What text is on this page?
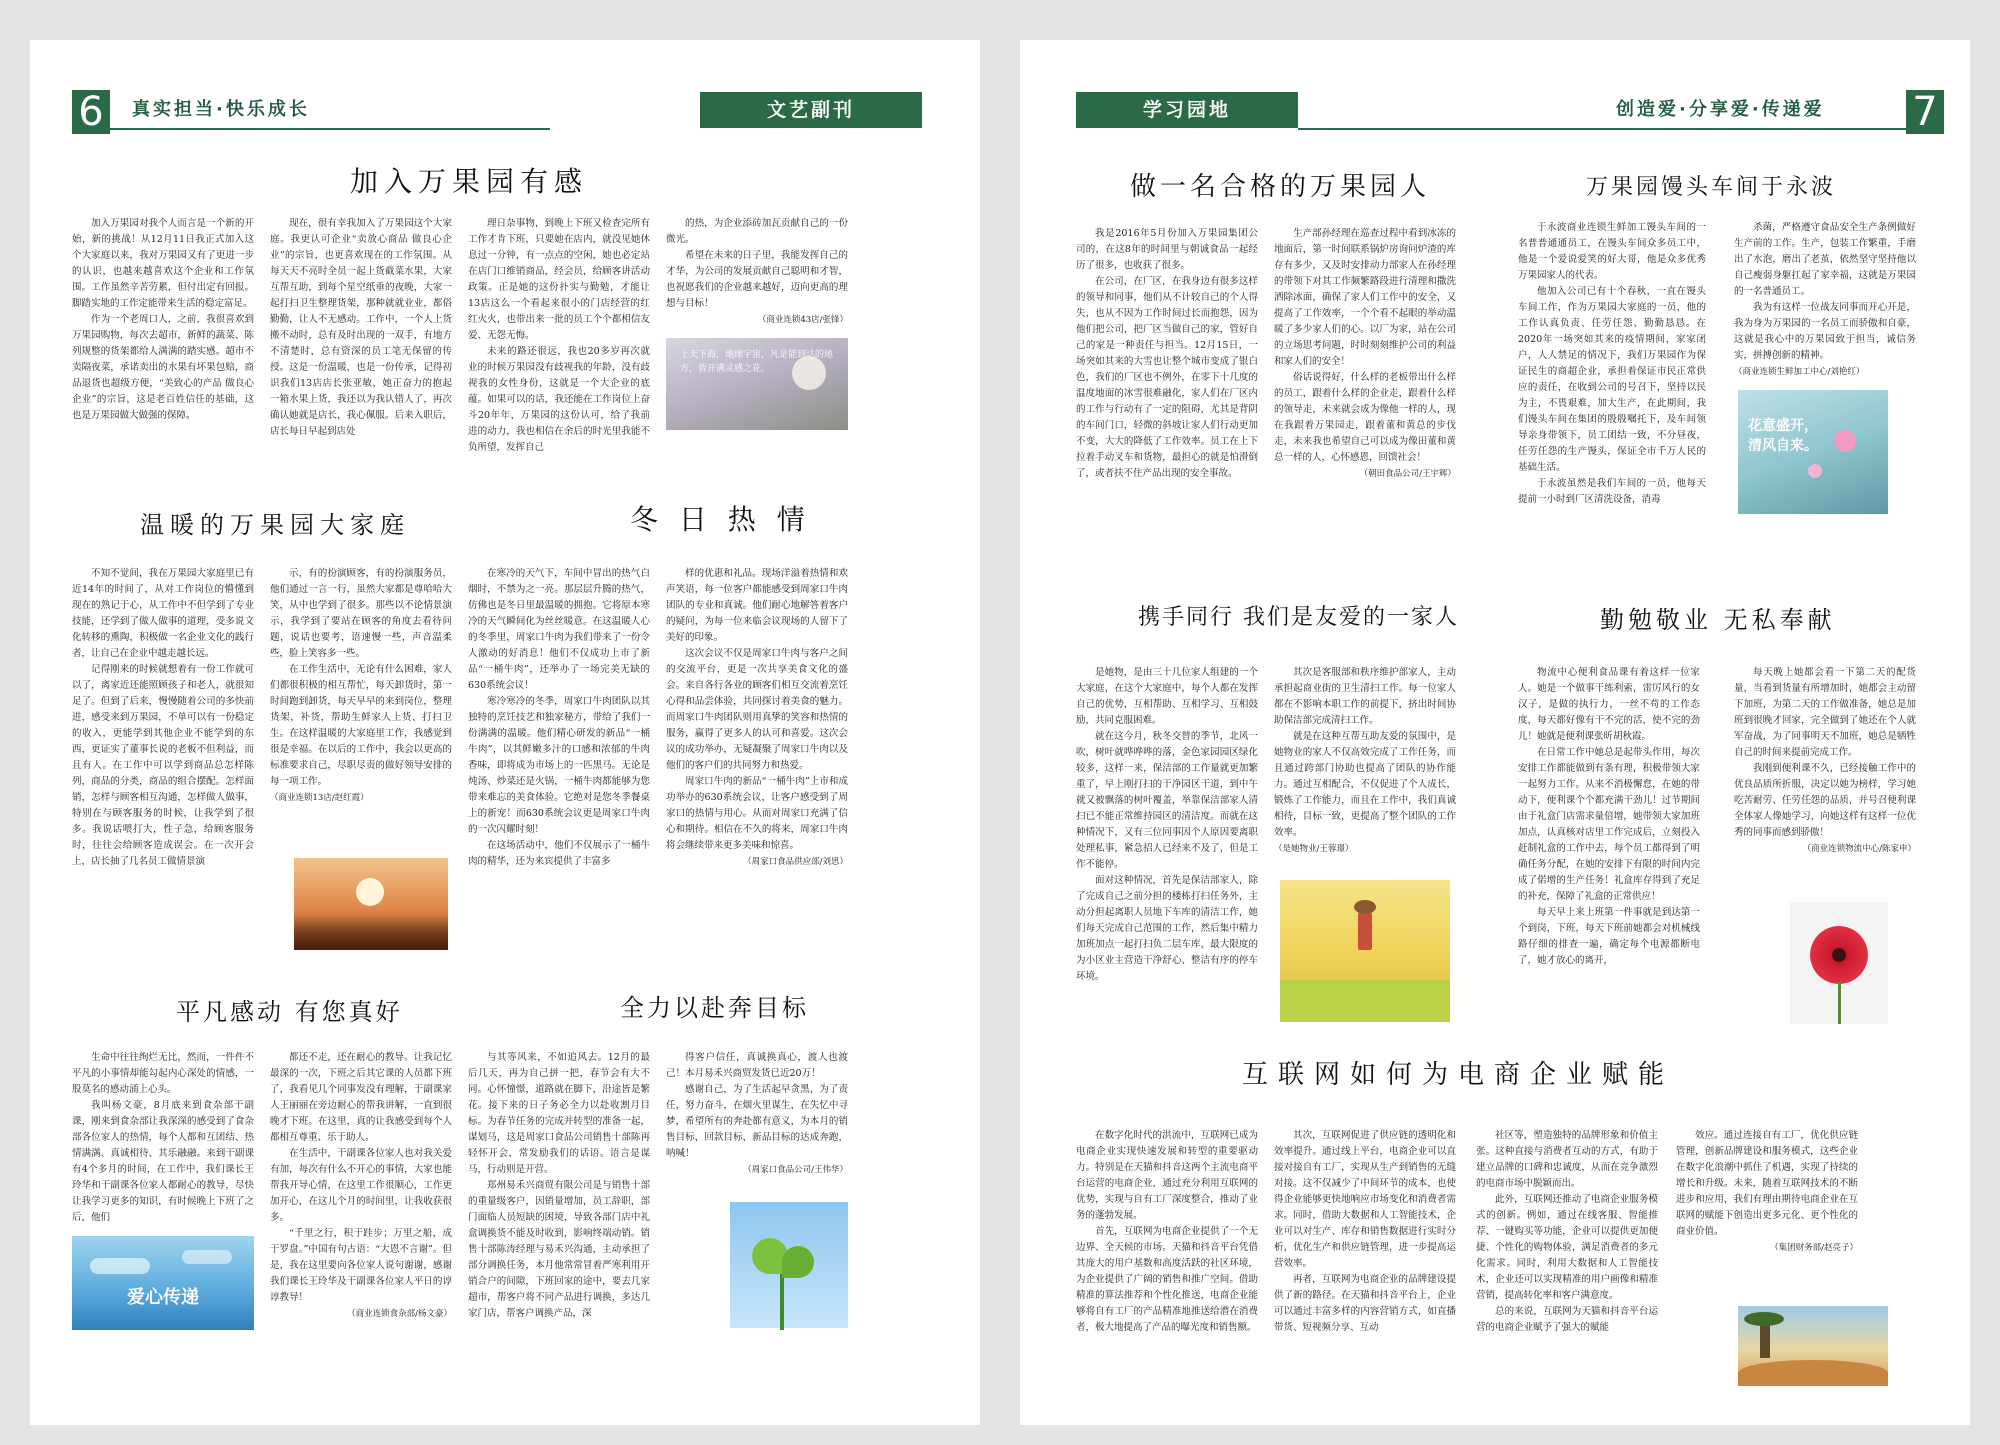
6	真实担当·快乐成长	文艺副刊
加入万果园有感

加入万果园对我个人而言是一个新的开始，新的挑战！从12月11日我正式加入这个大家庭以来，我对万果园又有了更进一步的认识，也越来越喜欢这个企业和工作氛围。工作虽然辛苦劳累，但付出定有回报。脚踏实地的工作定能带来生活的稳定富足。

作为一个老周口人，之前，我很喜欢到万果园购物，每次去超市，新鲜的蔬菜、陈列规整的货架都给人满满的踏实感。超市不卖隔夜菜，承诺卖出的水果有坏果包赔，商品退货也超级方便，“美致心的产品 做良心企业”的宗旨，这是老百姓信任的基础，这也是万果园做大做强的保障。

现在，很有幸我加入了万果园这个大家庭。我更认可企业“卖放心商品 做良心企业”的宗旨，也更喜欢现在的工作氛围。从每天天不亮时全员一起上货截菜水果，大家互帮互助，到每个星空纸垂的夜晚，大家一起打扫卫生整理货架，那种就就业业，都俗勤勤，让人不无感动。工作中，一个人上货搬不动时，总有及时出现的一双手，有地方不清楚时，总有资深的员工笔无保留的传授。这是一份温暖，也是一份传承，记得初识我们13店店长张亚敏，她正奋力的抱起一箱水果上货，我还以为我认错人了，再次确认她就是店长，我心佩服。后来入职后，店长每日早起到店处

理日杂事物，到晚上下班又检查完所有工作才肯下班，只要她在店内，就没见她休息过一分钟，有一点点的空闲，她也必定站在店门口维销商品，经会员，给顾客讲活动政策。正是她的这份扑实与勤勉，才能让13店这么一个看起来很小的门店经营的红红火火，也带出来一批的员工个个都相信友爱、无怨无悔。

未来的路还很远，我也20多岁再次就业的时候万果园没有歧视我的年龄，没有歧视我的女性身份，这就是一个大企业的底蕴。如果可以的话，我还能在工作岗位上奋斗20年年，万果园的这份认可，给了我前进的动力，我也相信在余后的时光里我能不负所望，发挥自己

的热，为企业添砖加瓦贡献自己的一份微光。

希望在未来的日子里，我能发挥自己的才华，为公司的发展贡献自己聪明和才智，也祝愿我们的企业越来越好，迈向更高的理想与目标！

（商业连锁43店/张锋）
上天下海，地球宇宙，凡是能到达的地方，皆开满灵感之花。
温暖的万果园大家庭

不知不觉间，我在万果园大家庭里已有近14年的时间了，从对工作岗位的懵懂到现在的熟记于心，从工作中不但学到了专业技能，还学到了做人做事的道理，受多说文化转移的熏陶，积极做一名企业文化的践行者，让自己在企业中越走越长远。

记得刚来的时候就想着有一份工作就可以了，离家近还能照顾孩子和老人，就很知足了。但到了后来，慢慢随着公司的多快前进，感受来到万果园，不单可以有一份稳定的收入，更能学到其他企业不能学到的东西，更证实了董事长说的老板不但利益，而且有人。在工作中可以学到商品总怎样陈列，商品的分类，商品的组合摆配。怎样面销，怎样与顾客相互沟通，怎样做人做事，特别在与顾客服务的时候，让我学到了很多。我说话喂打大，性子急，给顾客服务时，往往会给顾客造成误会。在一次开会上，店长抽了几名员工做情景演

示，有的扮演顾客，有的扮演服务员，他们通过一言一行，虽然大家都是尊哈哈大笑，从中也学到了很多。那些以不论情景演示，我学到了要站在顾客的角度去看待问题，说话也要考，语速慢一些，声音温柔些，脸上笑容多一些。

在工作生活中，无论有什么困难，家人们都很积极的相互帮忙，每天卸货时，第一时间跑到卸货，每天早早的来到岗位，整理货架，补货，帮助生鲜家人上货、打扫卫生。在这样温暖的大家庭里工作，我感觉到很是幸福。在以后的工作中，我会以更高的标准要求自己，尽职尽责的做好领导安排的每一项工作。

（商业连锁13店/赵红霞）
冬 日 热 情

在寒冷的天气下，车间中冒出的热气白烟时，不禁为之一亮。那层层升腾的热气，仿佛也是冬日里最温暖的拥抱。它将原本寒冷的天气瞬间化为丝丝暖意。在这温暖人心的冬季里，周家口牛肉为我们带来了一份令人激动的好消息！他们不仅成功上市了新品“一桶牛肉”，还举办了一场完美无缺的630系统会议！

寒冷寒冷的冬季，周家口牛肉团队以其独特的烹饪技艺和独家秘方，带给了我们一份满满的温暖。他们精心研发的新品“一桶牛肉”，以其鲜嫩多汁的口感和浓郁的牛肉香味，即将成为市场上的一匹黑马。无论是炖汤、炒菜还是火锅，一桶牛肉都能够为您带来难忘的美食体验。它绝对是您冬季餐桌上的新宠！而630系统会议更是周家口牛肉的一次闪耀时刻！

在这场活动中，他们不仅展示了一桶牛肉的精华，还为来宾提供了丰富多

样的优惠和礼品。现场洋溢着热情和欢声笑语，每一位客户都能感受到周家口牛肉团队的专业和真诚。他们耐心地解答着客户的疑问，为每一位来临会议现场的人留下了美好的印象。

这次会议不仅是周家口牛肉与客户之间的交流平台，更是一次共享美食文化的盛会。来自各行各业的顾客们相互交流着烹饪心得和品尝体验，共同探讨着美食的魅力。而周家口牛肉团队则用真挚的笑容和热情的服务，赢得了更多人的认可和喜爱。这次会议的成功举办，无疑凝聚了周家口牛肉以及他们的客户们的共同努力和热爱。

周家口牛肉的新品“一桶牛肉”上市和成功举办的630系统会议，让客户感受到了周家口的热情与用心。从而对周家口充满了信心和期待。相信在不久的将来，周家口牛肉将会继续带来更多美味和惊喜。

（周家口食品供应部/刘思）
平凡感动 有您真好

生命中往往绚烂无比，然而，一件件不平凡的小事情却能勾起内心深处的情感，一股莫名的感动涌上心头。

我叫杨文豪，8月底来到食杂部干副课，刚来到食杂部让我深深的感受到了食杂部各位家人的热情，每个人都和互团结、热情满满、真诚相待、其乐融融。来到干副课有4个多月的时间，在工作中，我们课长王玲华和干副课各位家人都耐心的教导，尽快让我学习更多的知识，有时候晚上下班了之后，他们

爱心传递

都还不走，还在耐心的教导。让我记忆最深的一次，下班之后其它课的人员都下班了，我看见几个同事发没有理解，于副课家人王丽丽在旁边耐心的帮我讲解，一直到很晚才下班。在这里，真的让我感受到每个人都相互尊重、乐于助人。

在生活中，干副课各位家人也对我关爱有加，每次有什么不开心的事情，大家也能帮我开导心情，在这里工作很顺心，工作更加开心，在这儿个月的时间里，让我收获很多。

“千里之行，积于跬步；万里之船，成于罗盘。”中国有句古语：“大恩不言谢”。但是，我在这里要向各位家人说句谢谢，感谢我们课长王玲华及干副课各位家人平日的谆谆教导！

（商业连锁食杂部/杨文豪）
全力以赴奔目标

与其等风来，不如追风去。12月的最后几天，再为自己拼一把，春节会有大不同。心怀憧憬，道路就在脚下，沿途皆是繁花。接下来的日子务必全力以赴收割月目标。为春节任务的完成并转型的准备一起，谋划马，这是周家口食品公司销售十部陈再轻怀开会，常发励我们的话语。语言是谋马，行动则是开营。

郑州易禾兴商贸有限公司是与销售十部的重量级客户，因销量增加，员工辞职，部门面临人员短缺的困境，导致各部门店中礼盒调换货不能及时收到，影响终端动销。销售十部陈涛经理与易禾兴沟通，主动承担了部分调换任务，本月他常常冒着严寒利用开销合户的间隙，下班回家的途中，要去几家超市，帮客户将不同产品进行调换，多达几家门店，帮客户调换产品，深

得客户信任，真诚换真心，渡人也渡己！本月易禾兴商贸发货已近20万！

感谢自己，为了生活起早贪黑，为了责任，努力奋斗，在烟火里谋生，在失忆中寻梦，希望所有的奔赴都有意义，为本月的销售目标，回款目标，新品目标的达成奔跑，呐喊！

（周家口食品公司/王伟华）
学习园地	创造爱·分享爱·传递爱 7
做一名合格的万果园人

我是2016年5月份加入万果园集团公司的，在这8年的时间里与朝诚食品一起经历了很多，也收获了很多。

在公司，在厂区，在我身边有很多这样的领导和同事，他们从不计较自己的个人得失，也从不因为工作时间过长而抱怨，因为他们把公司，把厂区当做自己的家，管好自己的家是一种责任与担当。12月15日，一场突如其来的大雪也让整个城市变成了银白色，我们的厂区也不例外，在零下十几度的温度地面的冰雪很难融化，家人们在厂区内的工作与行动有了一定的阻碍，尤其是背阴的车间门口，轻微的斜坡让家人们行动更加不变，大大的降低了工作效率。员工在上下拉着手动叉车和货物，最担心的就是怕滑倒了，或者扶不住产品出现的安全事故。

生产部孙经理在巡查过程中看到冰冻的地面后，第一时间联系锅炉房询问炉渣的库存有多少，又及时安排动力部家人在孙经理的带领下对其工作频繁路段进行清理和撒洗洒除冰面，确保了家人们工作中的安全，又提高了工作效率，一个个看不起眼的举动温暖了多少家人们的心。以厂为家，站在公司的立场思考问题，时时刻刻维护公司的利益和家人们的安全！

俗话说得好，什么样的老板带出什么样的员工，跟着什么样的企业走，跟着什么样的领导走，未来就会成为像他一样的人，现在我跟着万果园走，跟着董和黄总的步伐走，未来我也希望自己可以成为像田董和黄总一样的人，心怀感恩，回馈社会！

（朝田食品公司/王宇辉）
万果园馒头车间于永波

于永波商业连锁生鲜加工馒头车间的一名普普通通员工，在馒头车间众多员工中，他是一个爱说爱笑的好大哥，他是众多优秀万果园家人的代表。

他加入公司已有十个春秋，一直在馒头车间工作，作为万果园大家庭的一员，他的工作认真负责、任劳任怨、勤勤恳恳。在2020年一场突如其来的疫情期间，家家闭户，人人禁足的情况下，我们万果园作为保证民生的商超企业，承担着保证市民正常供应的责任，在收到公司的号召下，坚持以民为主，不畏艰难，加大生产，在此期间，我们馒头车间在集团的殷殷嘱托下，及车间领导亲身带领下，员工团结一致，不分昼夜，任劳任怨的生产馒头，保证全市千万人民的基础生活。

于永波虽然是我们车间的一员，他每天提前一小时到厂区清洗设备，消毒

杀菌，严格遵守食品安全生产条例做好生产前的工作。生产，包装工作繁重，手磨出了水泡，磨出了老茧，依然坚守坚持他以自己瘦弱身躯扛起了家幸福，这就是万果园的一名普通员工。

我为有这样一位战友同事而开心开是，我为身为万果园的一名员工而骄傲和自豪，这就是我心中的万果园致于担当，诚信务实，拼搏创新的精神。

（商业连锁生鲜加工中心/刘艳红）
花意盛开，清风自来。
携手同行 我们是友爱的一家人

是她物，是由三十几位家人组建的一个大家庭，在这个大家庭中，每个人都在发挥自己的优势，互相帮助、互相学习、互相鼓励，共同克服困难。

就在这今月，秋冬交替的季节，北风一吹，树叶就哗哗哗的落，金色家园园区绿化较多，这样一来，保洁部的工作量就更加繁重了，早上刚打扫的干净园区干道，到中午就又被飘落的树叶覆盖，举靠保洁部家人清扫已不能正常维持园区的清洁度。而就在这种情况下，又有三位同事因个人原因要离职处理私事，紧急招人已经来不及了，但是工作不能停。

面对这种情况，首先是保洁部家人，除了完成自己之前分担的楼栋打扫任务外，主动分担起离职人员地下车库的清洁工作，她们每天完成自己范围的工作，然后集中精力加班加点一起打扫负二层车库，最大限度的为小区业主营造干净舒心、整洁有序的停车环境。

其次是客服部和秩序维护部家人，主动承担起商业街的卫生清扫工作。每一位家人都在不影响本职工作的前提下，挤出时间协助保洁部完成清扫工作。

就是在这种互帮互助友爱的氛围中，是她物业的家人不仅高效完成了工作任务，而且通过跨部门协助也提高了团队的协作能力。通过互相配合，不仅促进了个人成长，锻炼了工作能力，而且在工作中，我们真诚相待，目标一致，更提高了整个团队的工作效率。

（是她物业/王蓉璟）
勤勉敬业 无私奉献

物流中心便利食品课有着这样一位家人。她是一个做事干练利索，雷厉风行的女汉子，是做的执行力，一丝不苟的工作态度，每天都好像有干不完的活，使不完的劲儿！她就是便利课张昕胡秋霞。

在日常工作中她总是起带头作用，每次安排工作都能做到有条有理，积极带领大家一起努力工作。从来不消极懈怠，在她的带动下，便利课个个都充满干劲儿！过节期间由于礼盒门店需求量倍增，她带领大家加班加点，认真核对店里工作完成后，立刻投入赶制礼盒的工作中去，每个员工都得到了明确任务分配，在她的安排下有限的时间内完成了偌增的生产任务！礼盒库存得到了充足的补充，保障了礼盒的正常供应！

每天早上来上班第一件事就是到达第一个到岗，下班，每天下班前她都会对机械线路仔细的排查一遍，确定每个电源都断电了，她才放心的离开，

每天晚上她都会看一下第二天的配货量，当看到货量有所增加时，她都会主动留下加班，为第二天的工作做准备，她总是加班到很晚才回家，完全做到了她还在个人就军奋战，为了同事明天不加班，她总是牺牲自己的时间来提前完成工作。

我刚到便利课不久，已经接触工作中的优良品质所折服，决定以她为榜样，学习她吃苦耐劳、任劳任怨的品质，并号召便利课全体家人像她学习，向她这样有这样一位优秀的同事而感到骄傲！

（商业连锁物流中心/陈家申）
互联网如何为电商企业赋能

在数字化时代的洪流中，互联网已成为电商企业实现快速发展和转型的重要驱动力。特别是在天猫和抖音这两个主流电商平台运营的电商企业，通过充分利用互联网的优势，实现与自有工厂深度整合，推动了业务的蓬勃发展。

首先，互联网为电商企业提供了一个无边界、全天候的市场。天猫和抖音平台凭借其庞大的用户基数和高度活跃的社区环境，为企业提供了广阔的销售和推广空间。借助精准的算法推荐和个性化推送，电商企业能够将自有工厂的产品精准地推送给潜在消费者，极大地提高了产品的曝光度和销售额。

其次，互联网促进了供应链的透明化和效率提升。通过线上平台，电商企业可以直接对接自有工厂，实现从生产到销售的无缝对接。这不仅减少了中间环节的成本，也使得企业能够更快地响应市场变化和消费者需求。同时，借助大数据和人工智能技术，企业可以对生产、库存和销售数据进行实时分析，优化生产和供应链管理，进一步提高运营效率。

再者，互联网为电商企业的品牌建设提供了新的路径。在天猫和抖音平台上，企业可以通过丰富多样的内容营销方式，如直播带货、短视频分享、互动

社区等，塑造独特的品牌形象和价值主张。这种直接与消费者互动的方式，有助于建立品牌的口碑和忠诚度，从而在竞争激烈的电商市场中脱颖而出。

此外，互联网还推动了电商企业服务模式的创新。例如，通过在线客服、智能推荐、一键购买等功能，企业可以提供更加便捷、个性化的购物体验，满足消费者的多元化需求。同时，利用大数据和人工智能技术，企业还可以实现精准的用户画像和精准营销，提高转化率和客户满意度。

总的来说，互联网为天猫和抖音平台运营的电商企业赋予了强大的赋能

效应。通过连接自有工厂，优化供应链管理，创新品牌建设和服务模式，这些企业在数字化浪潮中抓住了机遇，实现了持续的增长和升级。未来，随着互联网技术的不断进步和应用，我们有理由期待电商企业在互联网的赋能下创造出更多元化、更个性化的商业价值。

（集团财务部/赵亮子）
